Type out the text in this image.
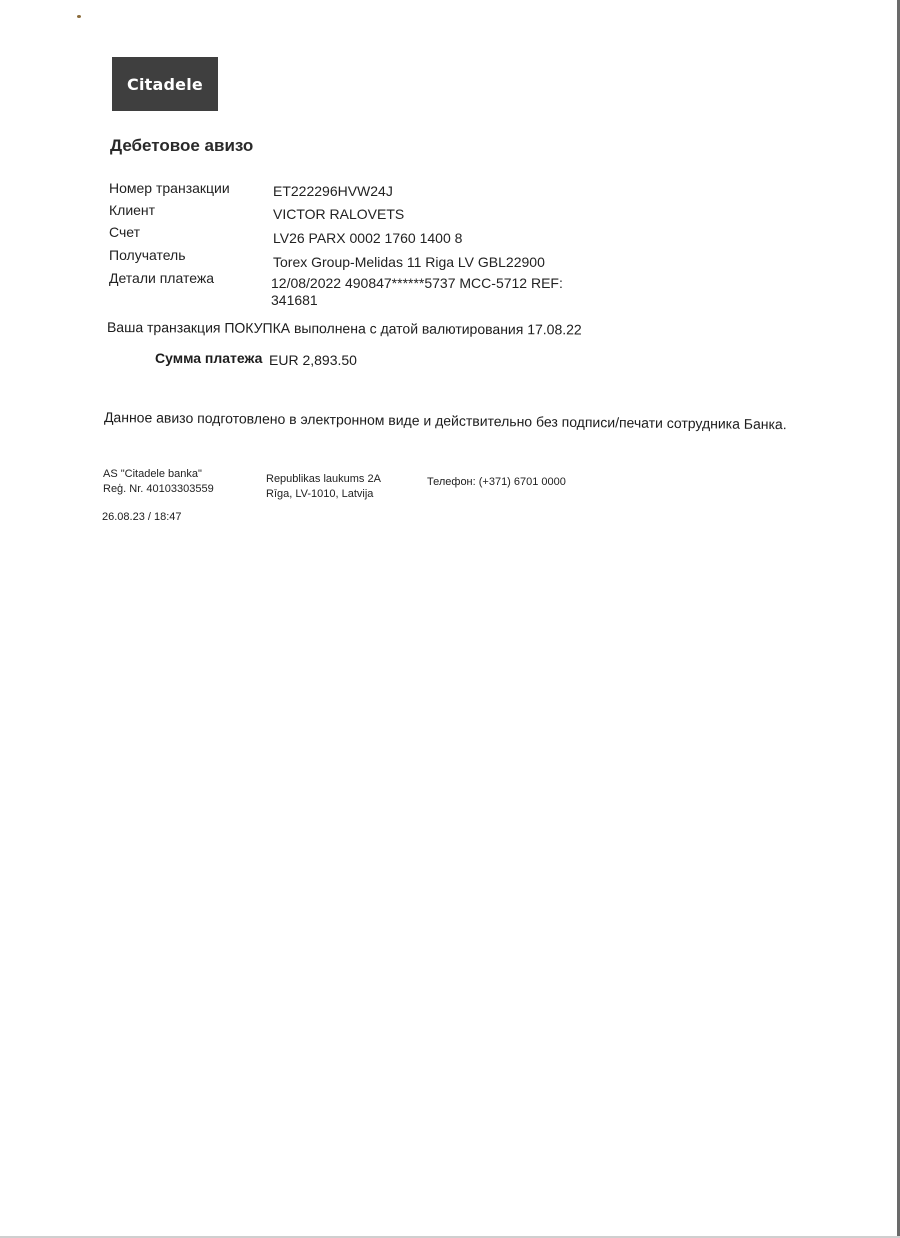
Citadele
Дебетовое авизо
Номер транзакции	ET222296HVW24J
Клиент	VICTOR RALOVETS
Счет	LV26 PARX 0002 1760 1400 8
Получатель	Torex Group-Melidas 11 Riga LV GBL22900
Детали платежа	12/08/2022 490847******5737 MCC-5712 REF: 341681
Ваша транзакция ПОКУПКА выполнена с датой валютирования 17.08.22
Сумма платежа EUR 2,893.50
Данное авизо подготовлено в электронном виде и действительно без подписи/печати сотрудника Банка.
AS "Citadele banka"
Reģ. Nr. 40103303559
Republikas laukums 2A
Rīga, LV-1010, Latvija
Телефон: (+371) 6701 0000
26.08.23 / 18:47
